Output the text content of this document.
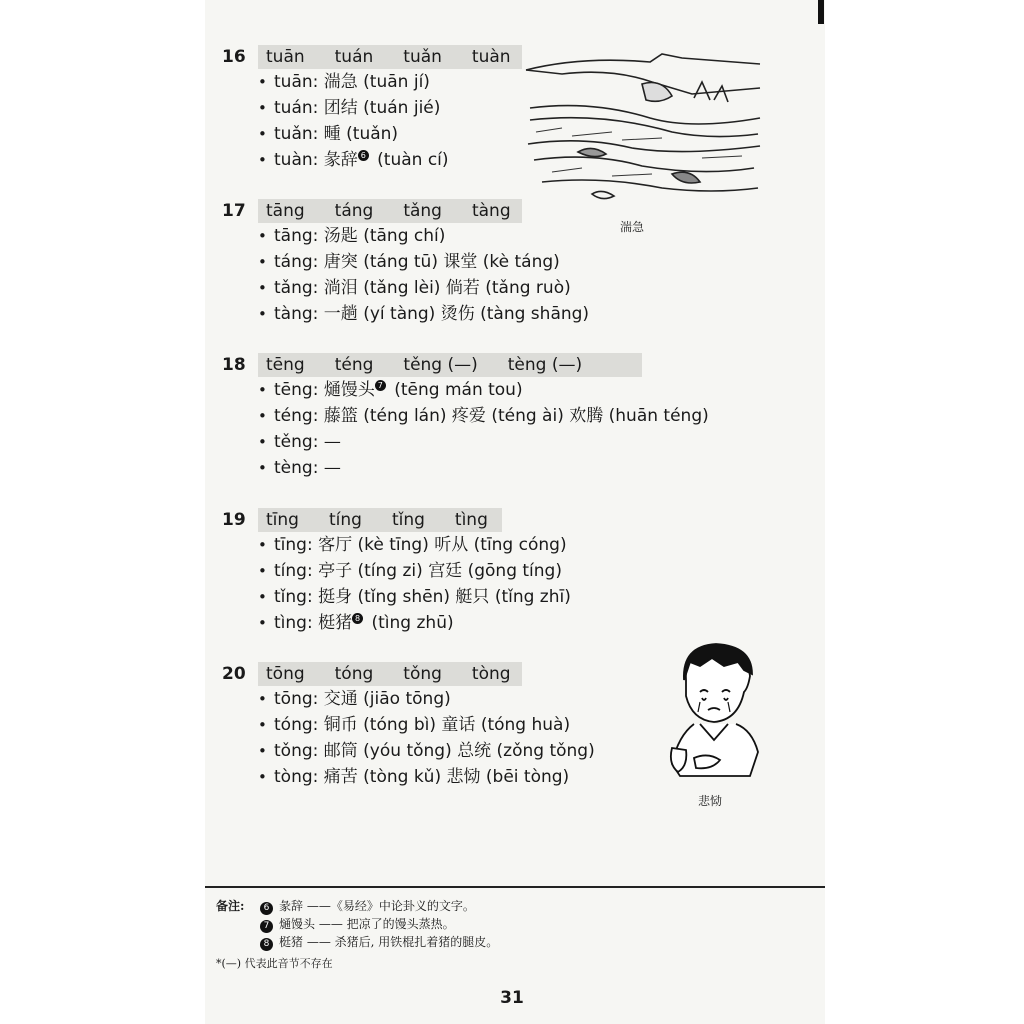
16	tuān tuán tuǎn tuàn
• tuān: 湍急 (tuān jí)
• tuán: 团结 (tuán jié)
• tuǎn: 畽 (tuǎn)
• tuàn: 彖辞 6 (tuàn cí)
湍急
17	tāng táng tǎng tàng
• tāng: 汤匙 (tāng chí)
• táng: 唐突 (táng tū) 课堂 (kè táng)
• tǎng: 淌泪 (tǎng lèi) 倘若 (tǎng ruò)
• tàng: 一趟 (yí tàng) 烫伤 (tàng shāng)
18	tēng téng těng (—) tèng (—)
• tēng: 熥馒头 7 (tēng mán tou)
• téng: 藤篮 (téng lán) 疼爱 (téng ài) 欢腾 (huān téng)
• těng: —
• tèng: —
19	tīng tíng tǐng tìng
• tīng: 客厅 (kè tīng) 听从 (tīng cóng)
• tíng: 亭子 (tíng zi) 宫廷 (gōng tíng)
• tǐng: 挺身 (tǐng shēn) 艇只 (tǐng zhī)
• tìng: 梃猪 8 (tìng zhū)
20	tōng tóng tǒng tòng
• tōng: 交通 (jiāo tōng)
• tóng: 铜币 (tóng bì) 童话 (tóng huà)
• tǒng: 邮筒 (yóu tǒng) 总统 (zǒng tǒng)
• tòng: 痛苦 (tòng kǔ) 悲恸 (bēi tòng)
悲恸
备注: 6 彖辞 ——《易经》中论卦义的文字。
7 熥馒头 —— 把凉了的馒头蒸热。
8 梃猪 —— 杀猪后, 用铁棍扎着猪的腿皮。
*(—) 代表此音节不存在
31
